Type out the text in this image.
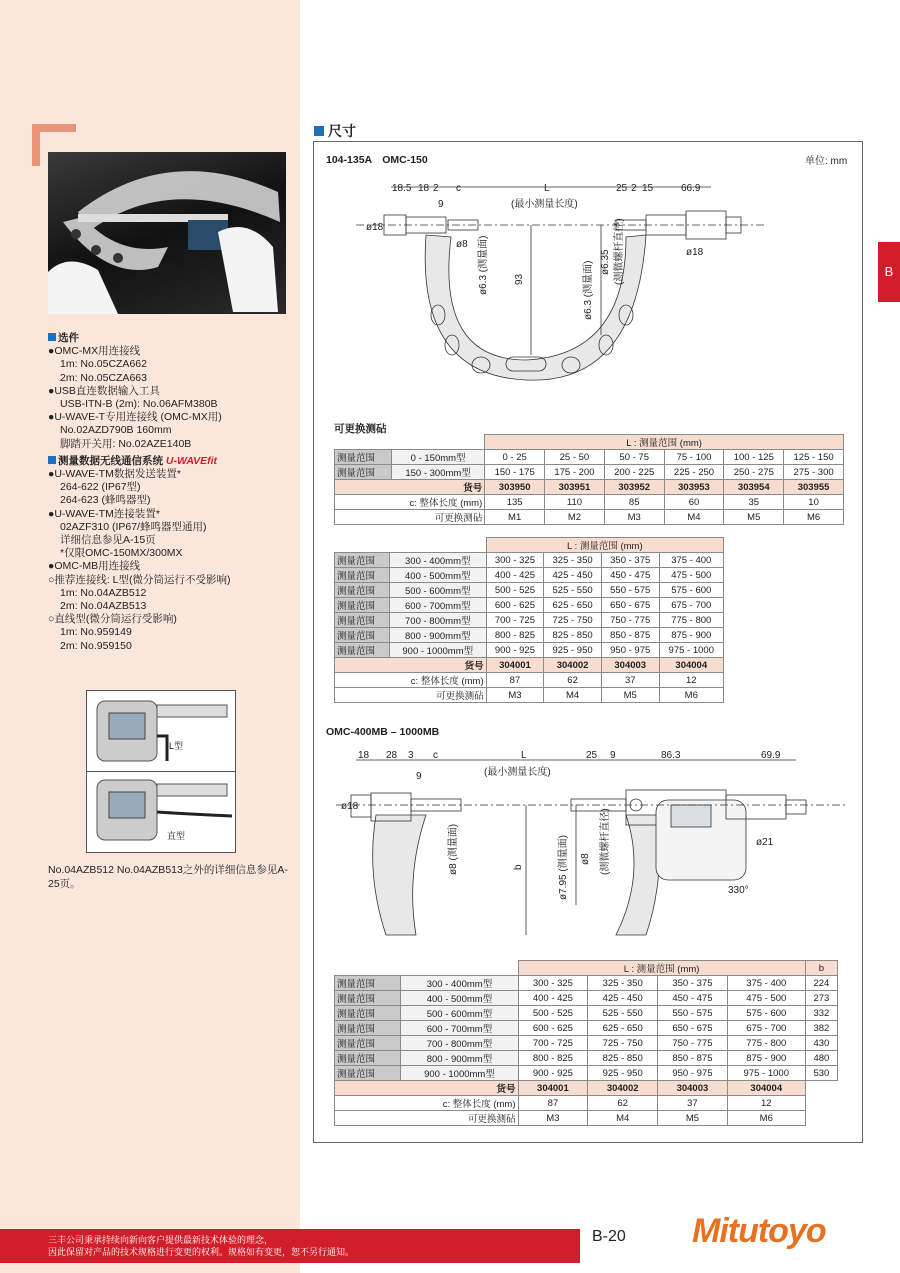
选件
●OMC-MX用连接线
1m: No.05CZA662
2m: No.05CZA663
●USB直连数据输入工具
USB-ITN-B (2m): No.06AFM380B
●U-WAVE-T专用连接线 (OMC-MX用)
No.02AZD790B 160mm
脚踏开关用: No.02AZE140B
测量数据无线通信系统 U-WAVEfit
●U-WAVE-TM数据发送装置*
264-622 (IP67型)
264-623 (蜂鸣器型)
●U-WAVE-TM连接装置*
02AZF310 (IP67/蜂鸣器型通用)
详细信息参见A-15页
*仅限OMC-150MX/300MX
●OMC-MB用连接线
○推荐连接线: L型(微分筒运行不受影响)
1m: No.04AZB512
2m: No.04AZB513
○直线型(微分筒运行受影响)
1m: No.959149
2m: No.959150
L型
直型
No.04AZB512 No.04AZB513之外的详细信息参见A-25页。
尺寸
B
104-135A　OMC-150	单位: mm
18.5 18 2 c	L
(最小测量长度)
25 2 15	66.9
9
ø18
ø8
ø18
93
ø6.3 (测量面)	ø6.3 (测量面) ø6.35 (测微螺杆直径)
可更换测砧
		L : 测量范围 (mm)					
测量范围	0 - 150mm型	0 - 25	25 - 50	50 - 75	75 - 100	100 - 125	125 - 150
测量范围	150 - 300mm型	150 - 175	175 - 200	200 - 225	225 - 250	250 - 275	275 - 300
货号		303950	303951	303952	303953	303954	303955
c: 整体长度 (mm)		135	110	85	60	35	10
可更换测砧		M1	M2	M3	M4	M5	M6
		L : 测量范围 (mm)			
测量范围	300 - 400mm型	300 - 325	325 - 350	350 - 375	375 - 400
测量范围	400 - 500mm型	400 - 425	425 - 450	450 - 475	475 - 500
测量范围	500 - 600mm型	500 - 525	525 - 550	550 - 575	575 - 600
测量范围	600 - 700mm型	600 - 625	625 - 650	650 - 675	675 - 700
测量范围	700 - 800mm型	700 - 725	725 - 750	750 - 775	775 - 800
测量范围	800 - 900mm型	800 - 825	825 - 850	850 - 875	875 - 900
测量范围	900 - 1000mm型	900 - 925	925 - 950	950 - 975	975 - 1000
货号		304001	304002	304003	304004
c: 整体长度 (mm)		87	62	37	12
可更换测砧		M3	M4	M5	M6
OMC-400MB – 1000MB
18 28 3 c	L
(最小测量长度)
25 9	86.3	69.9
9
ø18
ø21
ø8 (测量面)	b	ø7.95 (测量面) ø8 (测微螺杆直径)
330°
		L : 测量范围 (mm)				b
测量范围	300 - 400mm型	300 - 325	325 - 350	350 - 375	375 - 400	224
测量范围	400 - 500mm型	400 - 425	425 - 450	450 - 475	475 - 500	273
测量范围	500 - 600mm型	500 - 525	525 - 550	550 - 575	575 - 600	332
测量范围	600 - 700mm型	600 - 625	625 - 650	650 - 675	675 - 700	382
测量范围	700 - 800mm型	700 - 725	725 - 750	750 - 775	775 - 800	430
测量范围	800 - 900mm型	800 - 825	825 - 850	850 - 875	875 - 900	480
测量范围	900 - 1000mm型	900 - 925	925 - 950	950 - 975	975 - 1000	530
货号		304001	304002	304003	304004	
c: 整体长度 (mm)		87	62	37	12	
可更换测砧		M3	M4	M5	M6	
三丰公司秉承持续向新向客户提供最新技术体验的理念，
因此保留对产品的技术规格进行变更的权利。规格如有变更，恕不另行通知。
B-20 Mitutoyo
